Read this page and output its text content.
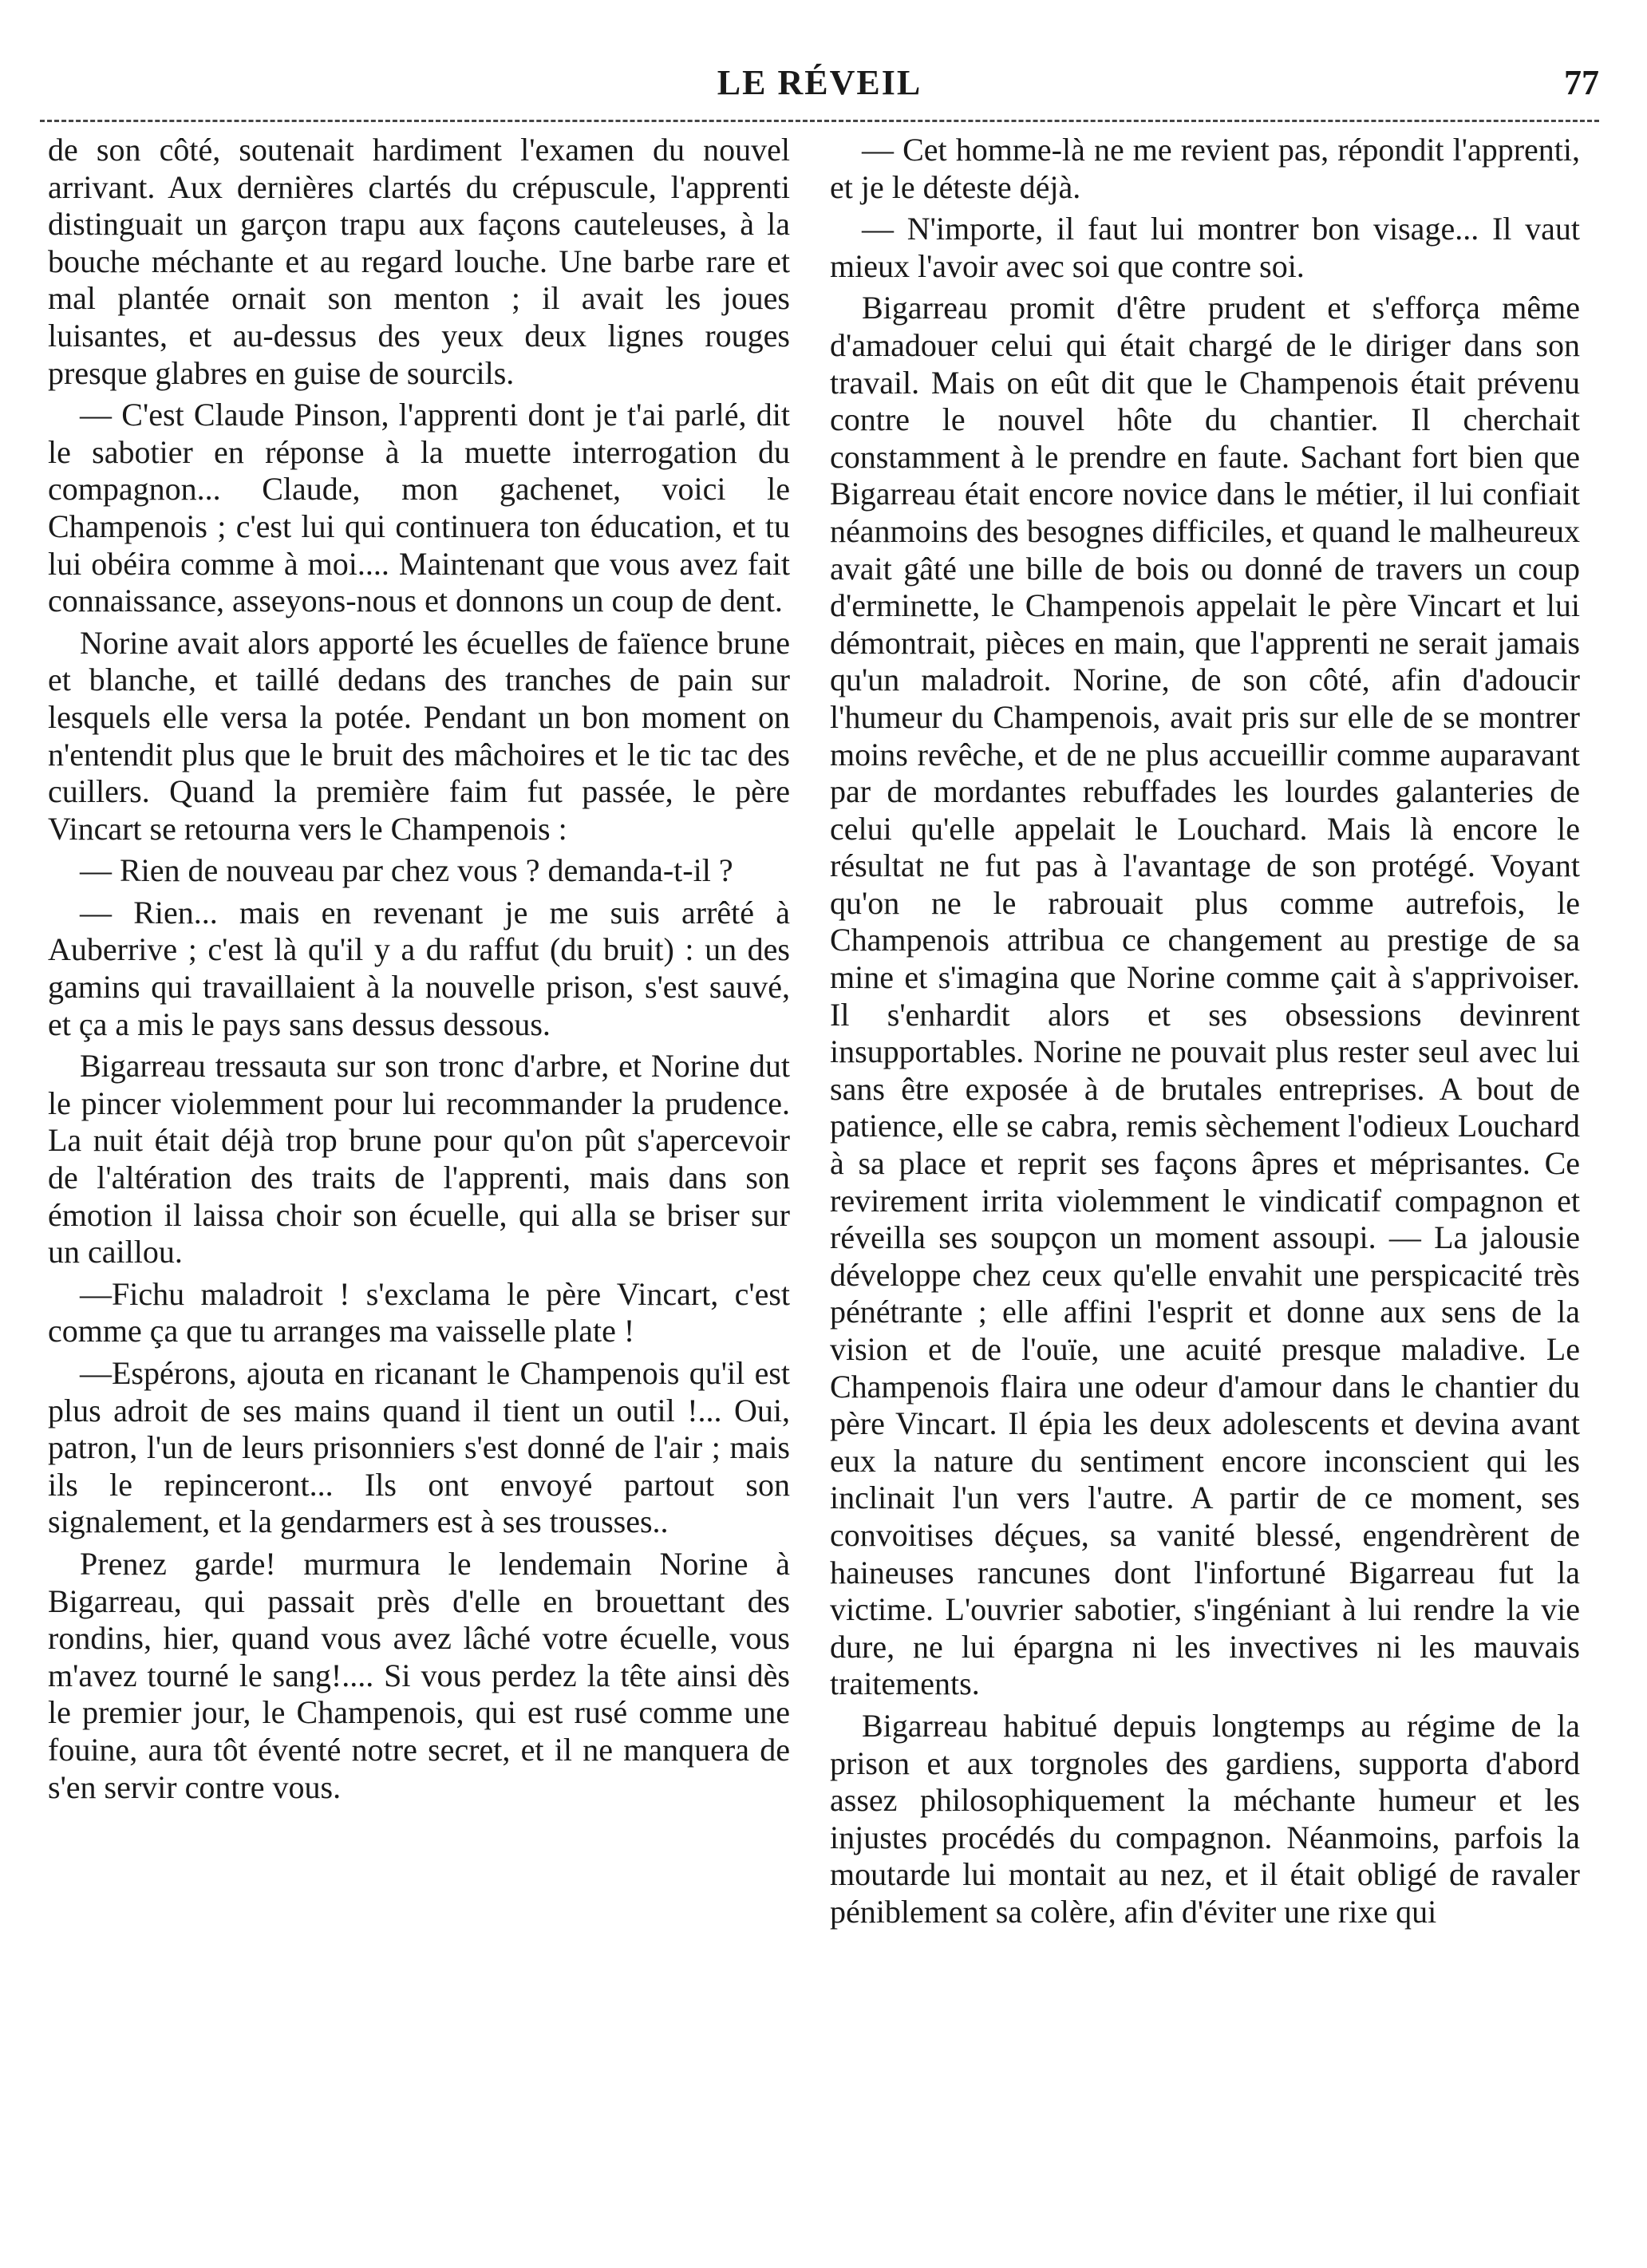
LE RÉVEIL	77

de son côté, soutenait hardiment l'examen du nouvel arrivant. Aux dernières clartés du crépuscule, l'apprenti distinguait un garçon trapu aux façons cauteleuses, à la bouche méchante et au regard louche. Une barbe rare et mal plantée ornait son menton ; il avait les joues luisantes, et au-dessus des yeux deux lignes rouges presque glabres en guise de sourcils.

— C'est Claude Pinson, l'apprenti dont je t'ai parlé, dit le sabotier en réponse à la muette interrogation du compagnon... Claude, mon gachenet, voici le Champenois ; c'est lui qui continuera ton éducation, et tu lui obéira comme à moi.... Maintenant que vous avez fait connaissance, asseyons-nous et donnons un coup de dent.

Norine avait alors apporté les écuelles de faïence brune et blanche, et taillé dedans des tranches de pain sur lesquels elle versa la potée. Pendant un bon moment on n'entendit plus que le bruit des mâchoires et le tic tac des cuillers. Quand la première faim fut passée, le père Vincart se retourna vers le Champenois :

— Rien de nouveau par chez vous ? demanda-t-il ?

— Rien... mais en revenant je me suis arrêté à Auberrive ; c'est là qu'il y a du raffut (du bruit) : un des gamins qui travaillaient à la nouvelle prison, s'est sauvé, et ça a mis le pays sans dessus dessous.

Bigarreau tressauta sur son tronc d'arbre, et Norine dut le pincer violemment pour lui recommander la prudence. La nuit était déjà trop brune pour qu'on pût s'apercevoir de l'altération des traits de l'apprenti, mais dans son émotion il laissa choir son écuelle, qui alla se briser sur un caillou.

—Fichu maladroit ! s'exclama le père Vincart, c'est comme ça que tu arranges ma vaisselle plate !

—Espérons, ajouta en ricanant le Champenois qu'il est plus adroit de ses mains quand il tient un outil !... Oui, patron, l'un de leurs prisonniers s'est donné de l'air ; mais ils le repinceront... Ils ont envoyé partout son signalement, et la gendarmers est à ses trousses..

Prenez garde! murmura le lendemain Norine à Bigarreau, qui passait près d'elle en brouettant des rondins, hier, quand vous avez lâché votre écuelle, vous m'avez tourné le sang!.... Si vous perdez la tête ainsi dès le premier jour, le Champenois, qui est rusé comme une fouine, aura tôt éventé notre secret, et il ne manquera de s'en servir contre vous.

— Cet homme-là ne me revient pas, répondit l'apprenti, et je le déteste déjà.

— N'importe, il faut lui montrer bon visage... Il vaut mieux l'avoir avec soi que contre soi.

Bigarreau promit d'être prudent et s'efforça même d'amadouer celui qui était chargé de le diriger dans son travail. Mais on eût dit que le Champenois était prévenu contre le nouvel hôte du chantier. Il cherchait constamment à le prendre en faute. Sachant fort bien que Bigarreau était encore novice dans le métier, il lui confiait néanmoins des besognes difficiles, et quand le malheureux avait gâté une bille de bois ou donné de travers un coup d'erminette, le Champenois appelait le père Vincart et lui démontrait, pièces en main, que l'apprenti ne serait jamais qu'un maladroit. Norine, de son côté, afin d'adoucir l'humeur du Champenois, avait pris sur elle de se montrer moins revêche, et de ne plus accueillir comme auparavant par de mordantes rebuffades les lourdes galanteries de celui qu'elle appelait le Louchard. Mais là encore le résultat ne fut pas à l'avantage de son protégé. Voyant qu'on ne le rabrouait plus comme autrefois, le Champenois attribua ce changement au prestige de sa mine et s'imagina que Norine comme çait à s'apprivoiser. Il s'enhardit alors et ses obsessions devinrent insupportables. Norine ne pouvait plus rester seul avec lui sans être exposée à de brutales entreprises. A bout de patience, elle se cabra, remis sèchement l'odieux Louchard à sa place et reprit ses façons âpres et méprisantes. Ce revirement irrita violemment le vindicatif compagnon et réveilla ses soupçon un moment assoupi. — La jalousie développe chez ceux qu'elle envahit une perspicacité très pénétrante ; elle affini l'esprit et donne aux sens de la vision et de l'ouïe, une acuité presque maladive. Le Champenois flaira une odeur d'amour dans le chantier du père Vincart. Il épia les deux adolescents et devina avant eux la nature du sentiment encore inconscient qui les inclinait l'un vers l'autre. A partir de ce moment, ses convoitises déçues, sa vanité blessé, engendrèrent de haineuses rancunes dont l'infortuné Bigarreau fut la victime. L'ouvrier sabotier, s'ingéniant à lui rendre la vie dure, ne lui épargna ni les invectives ni les mauvais traitements.

Bigarreau habitué depuis longtemps au régime de la prison et aux torgnoles des gardiens, supporta d'abord assez philosophiquement la méchante humeur et les injustes procédés du compagnon. Néanmoins, parfois la moutarde lui montait au nez, et il était obligé de ravaler péniblement sa colère, afin d'éviter une rixe qui
